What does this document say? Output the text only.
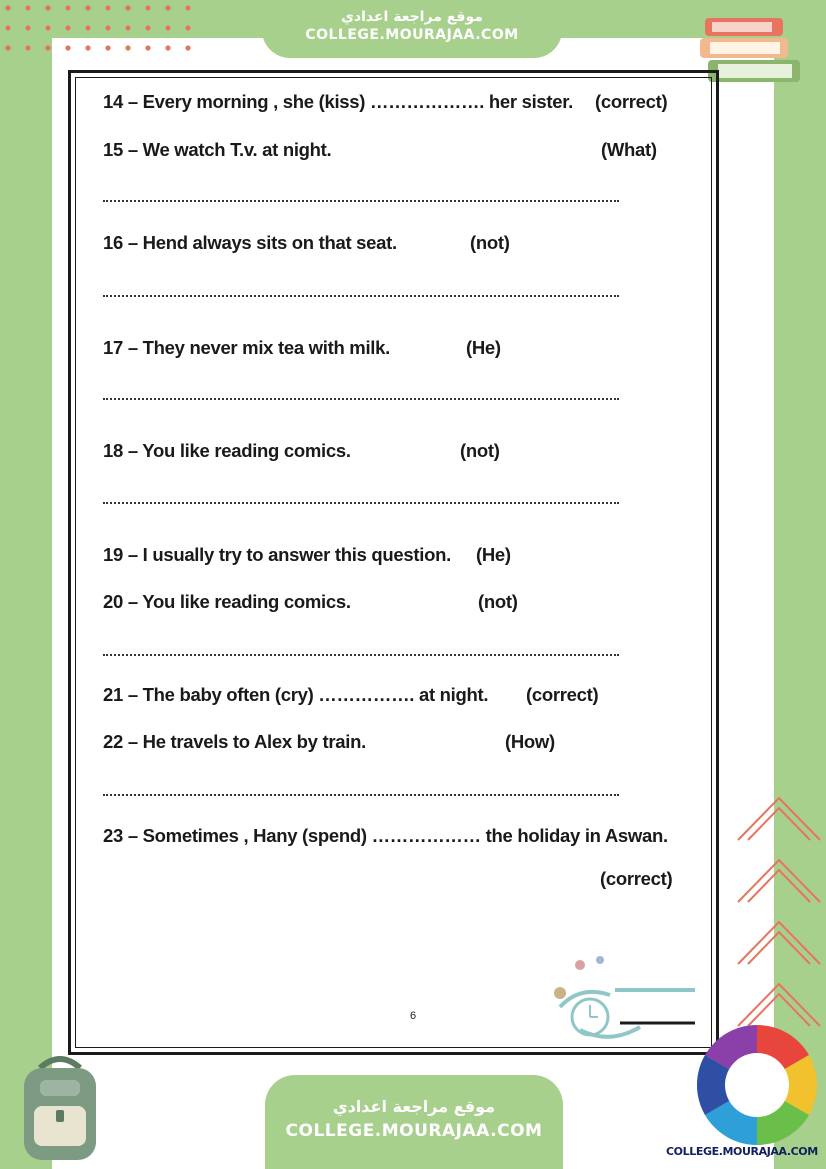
موقع مراجعة اعدادي
COLLEGE.MOURAJAA.COM
14 – Every morning , she (kiss) ………………. her sister. (correct)
15 – We watch T.v. at night.	(What)
16 – Hend always sits on that seat.	(not)
17 – They never mix tea with milk.	(He)
18 – You like reading comics.	(not)
19 – I usually try to answer this question. (He)
20 – You like reading comics.	(not)
21 – The baby often (cry) ……………. at night. (correct)
22 – He travels to Alex by train.	(How)
23 – Sometimes , Hany (spend) ……………… the holiday in Aswan.
(correct)
6
موقع مراجعة اعدادي
COLLEGE.MOURAJAA.COM
COLLEGE.MOURAJAA.COM
